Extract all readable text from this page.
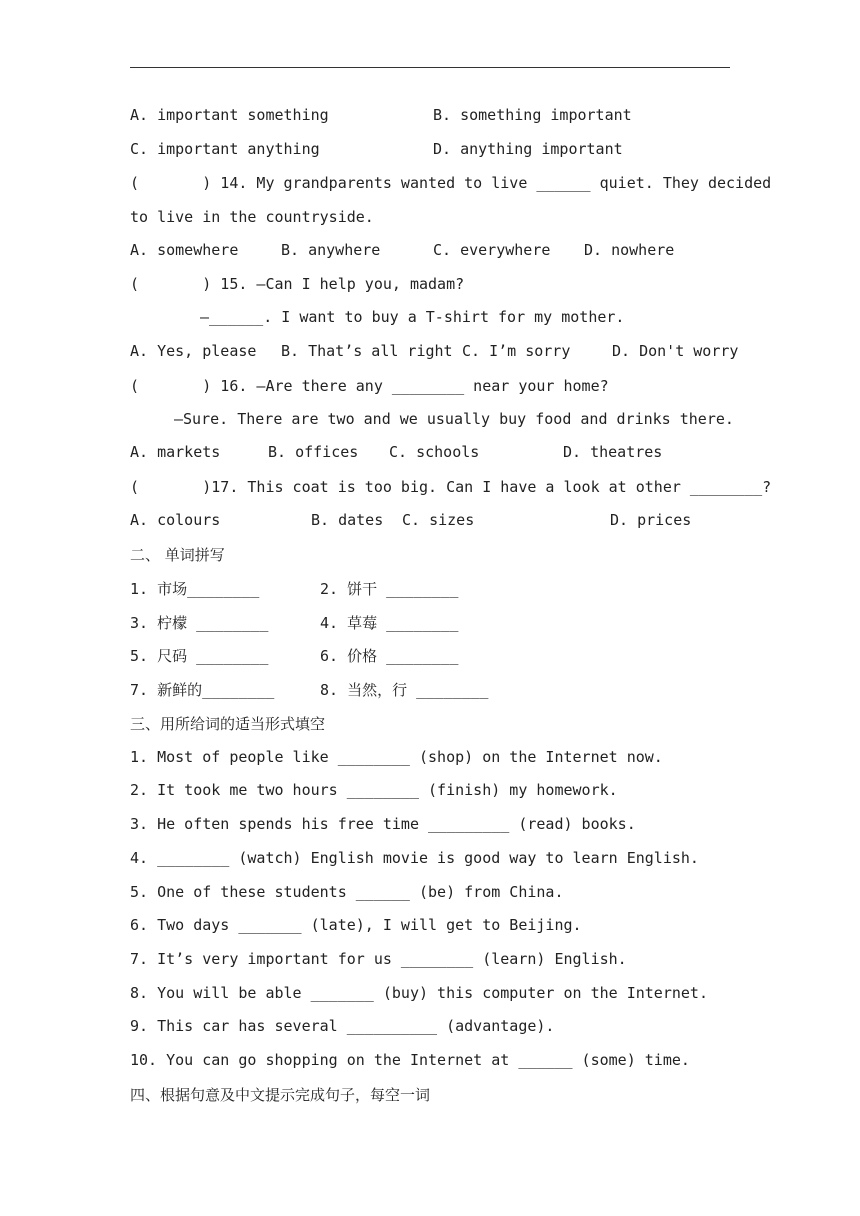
A. important something	B. something important
C. important anything	D. anything important
(       ) 14. My grandparents wanted to live ______ quiet. They decided
to live in the countryside.
A. somewhere	B. anywhere	C. everywhere D. nowhere
(       ) 15. —Can I help you, madam?
—______. I want to buy a T-shirt for my mother.
A. Yes, please B. That’s all right C. I’m sorry	D. Don't worry
(       ) 16. —Are there any ________ near your home?
—Sure. There are two and we usually buy food and drinks there.
A. markets	B. offices C. schools	D. theatres
(       )17. This coat is too big. Can I have a look at other ________?
A. colours	B. dates C. sizes	D. prices
二、 单词拼写
1. 市场________	2. 饼干 ________
3. 柠檬 ________	4. 草莓 ________
5. 尺码 ________	6. 价格 ________
7. 新鲜的________	8. 当然，行 ________
三、用所给词的适当形式填空
1. Most of people like ________ (shop) on the Internet now.
2. It took me two hours ________ (finish) my homework.
3. He often spends his free time _________ (read) books.
4. ________ (watch) English movie is good way to learn English.
5. One of these students ______ (be) from China.
6. Two days _______ (late), I will get to Beijing.
7. It’s very important for us ________ (learn) English.
8. You will be able _______ (buy) this computer on the Internet.
9. This car has several __________ (advantage).
10. You can go shopping on the Internet at ______ (some) time.
四、根据句意及中文提示完成句子，每空一词
